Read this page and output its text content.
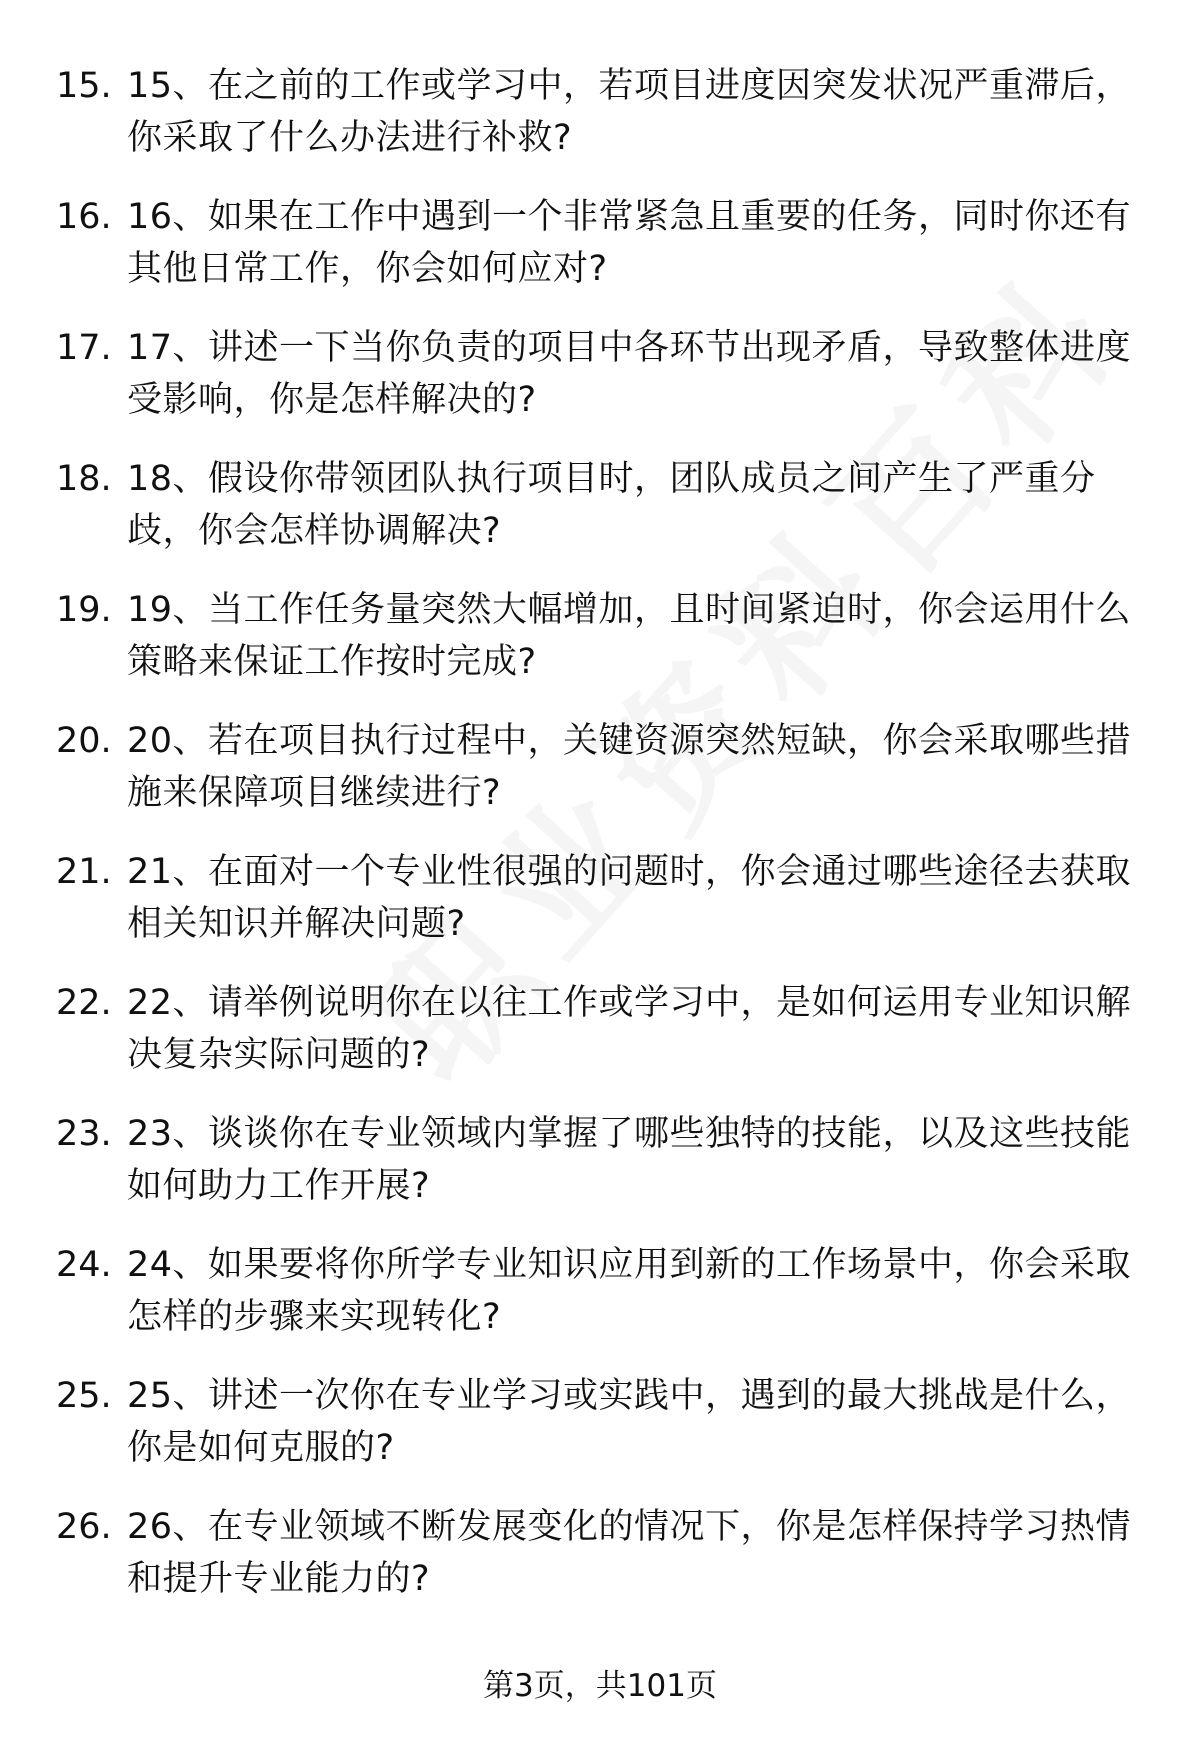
15. 15、在之前的工作或学习中，若项目进度因突发状况严重滞后，你采取了什么办法进行补救?
16. 16、如果在工作中遇到一个非常紧急且重要的任务，同时你还有其他日常工作，你会如何应对?
17. 17、讲述一下当你负责的项目中各环节出现矛盾，导致整体进度受影响，你是怎样解决的?
18. 18、假设你带领团队执行项目时，团队成员之间产生了严重分歧，你会怎样协调解决?
19. 19、当工作任务量突然大幅增加，且时间紧迫时，你会运用什么策略来保证工作按时完成?
20. 20、若在项目执行过程中，关键资源突然短缺，你会采取哪些措施来保障项目继续进行?
21. 21、在面对一个专业性很强的问题时，你会通过哪些途径去获取相关知识并解决问题?
22. 22、请举例说明你在以往工作或学习中，是如何运用专业知识解决复杂实际问题的?
23. 23、谈谈你在专业领域内掌握了哪些独特的技能，以及这些技能如何助力工作开展?
24. 24、如果要将你所学专业知识应用到新的工作场景中，你会采取怎样的步骤来实现转化?
25. 25、讲述一次你在专业学习或实践中，遇到的最大挑战是什么，你是如何克服的?
26. 26、在专业领域不断发展变化的情况下，你是怎样保持学习热情和提升专业能力的?
第3页，共101页
